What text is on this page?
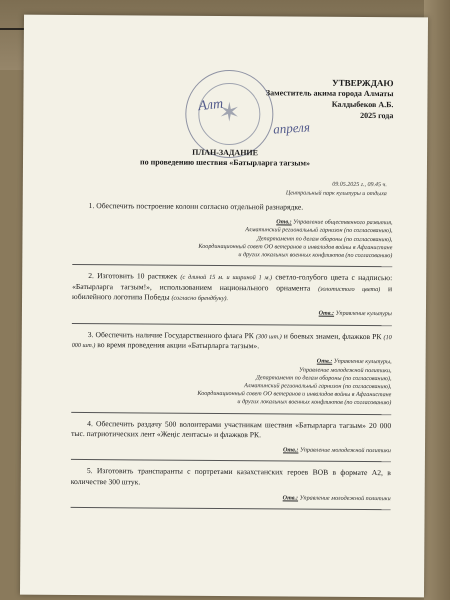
✶
УТВЕРЖДАЮ
Заместитель акима города Алматы
Калдыбеков А.Б.
2025 года
Алт
апреля
ПЛАН-ЗАДАНИЕ
по проведению шествия «Батырларга тагзым»
09.05.2025 г., 09.45 ч.
Центральный парк культуры и отдыха

1. Обеспечить построение колонн согласно отдельной разнарядке.

Отв.: Управление общественного развития,
Алматинский региональный гарнизон (по согласованию),
Департамент по делам обороны (по согласованию),
Координационный совет ОО ветеранов и инвалидов войны в Афганистане
и других локальных военных конфликтов (по согласованию)

2. Изготовить 10 растяжек (с длиной 15 м. и шириной 1 м.) светло-голубого цвета с надписью: «Батырларга тагзым!», использованием национального орнамента (золотистого цвета) и юбилейного логотипа Победы (согласно брендбуку).

Отв.: Управление культуры

3. Обеспечить наличие Государственного флага РК (300 шт.) и боевых знамен, флажков РК (10 000 шт.) во время проведения акции «Батырларга тагзым».

Отв.: Управление культуры,
Управление молодежной политики,
Департамент по делам обороны (по согласованию),
Алматинский региональный гарнизон (по согласованию),
Координационный совет ОО ветеранов и инвалидов войны в Афганистане
и других локальных военных конфликтов (по согласованию)

4. Обеспечить раздачу 500 волонтерами участникам шествия «Батырларга тагзым» 20 000 тыс. патриотических лент «Жеңіс лентасы» и флажков РК.

Отв.: Управление молодежной политики

5. Изготовить транспаранты с портретами казахстанских героев ВОВ в формате А2, в количестве 300 штук.

Отв.: Управление молодежной политики
